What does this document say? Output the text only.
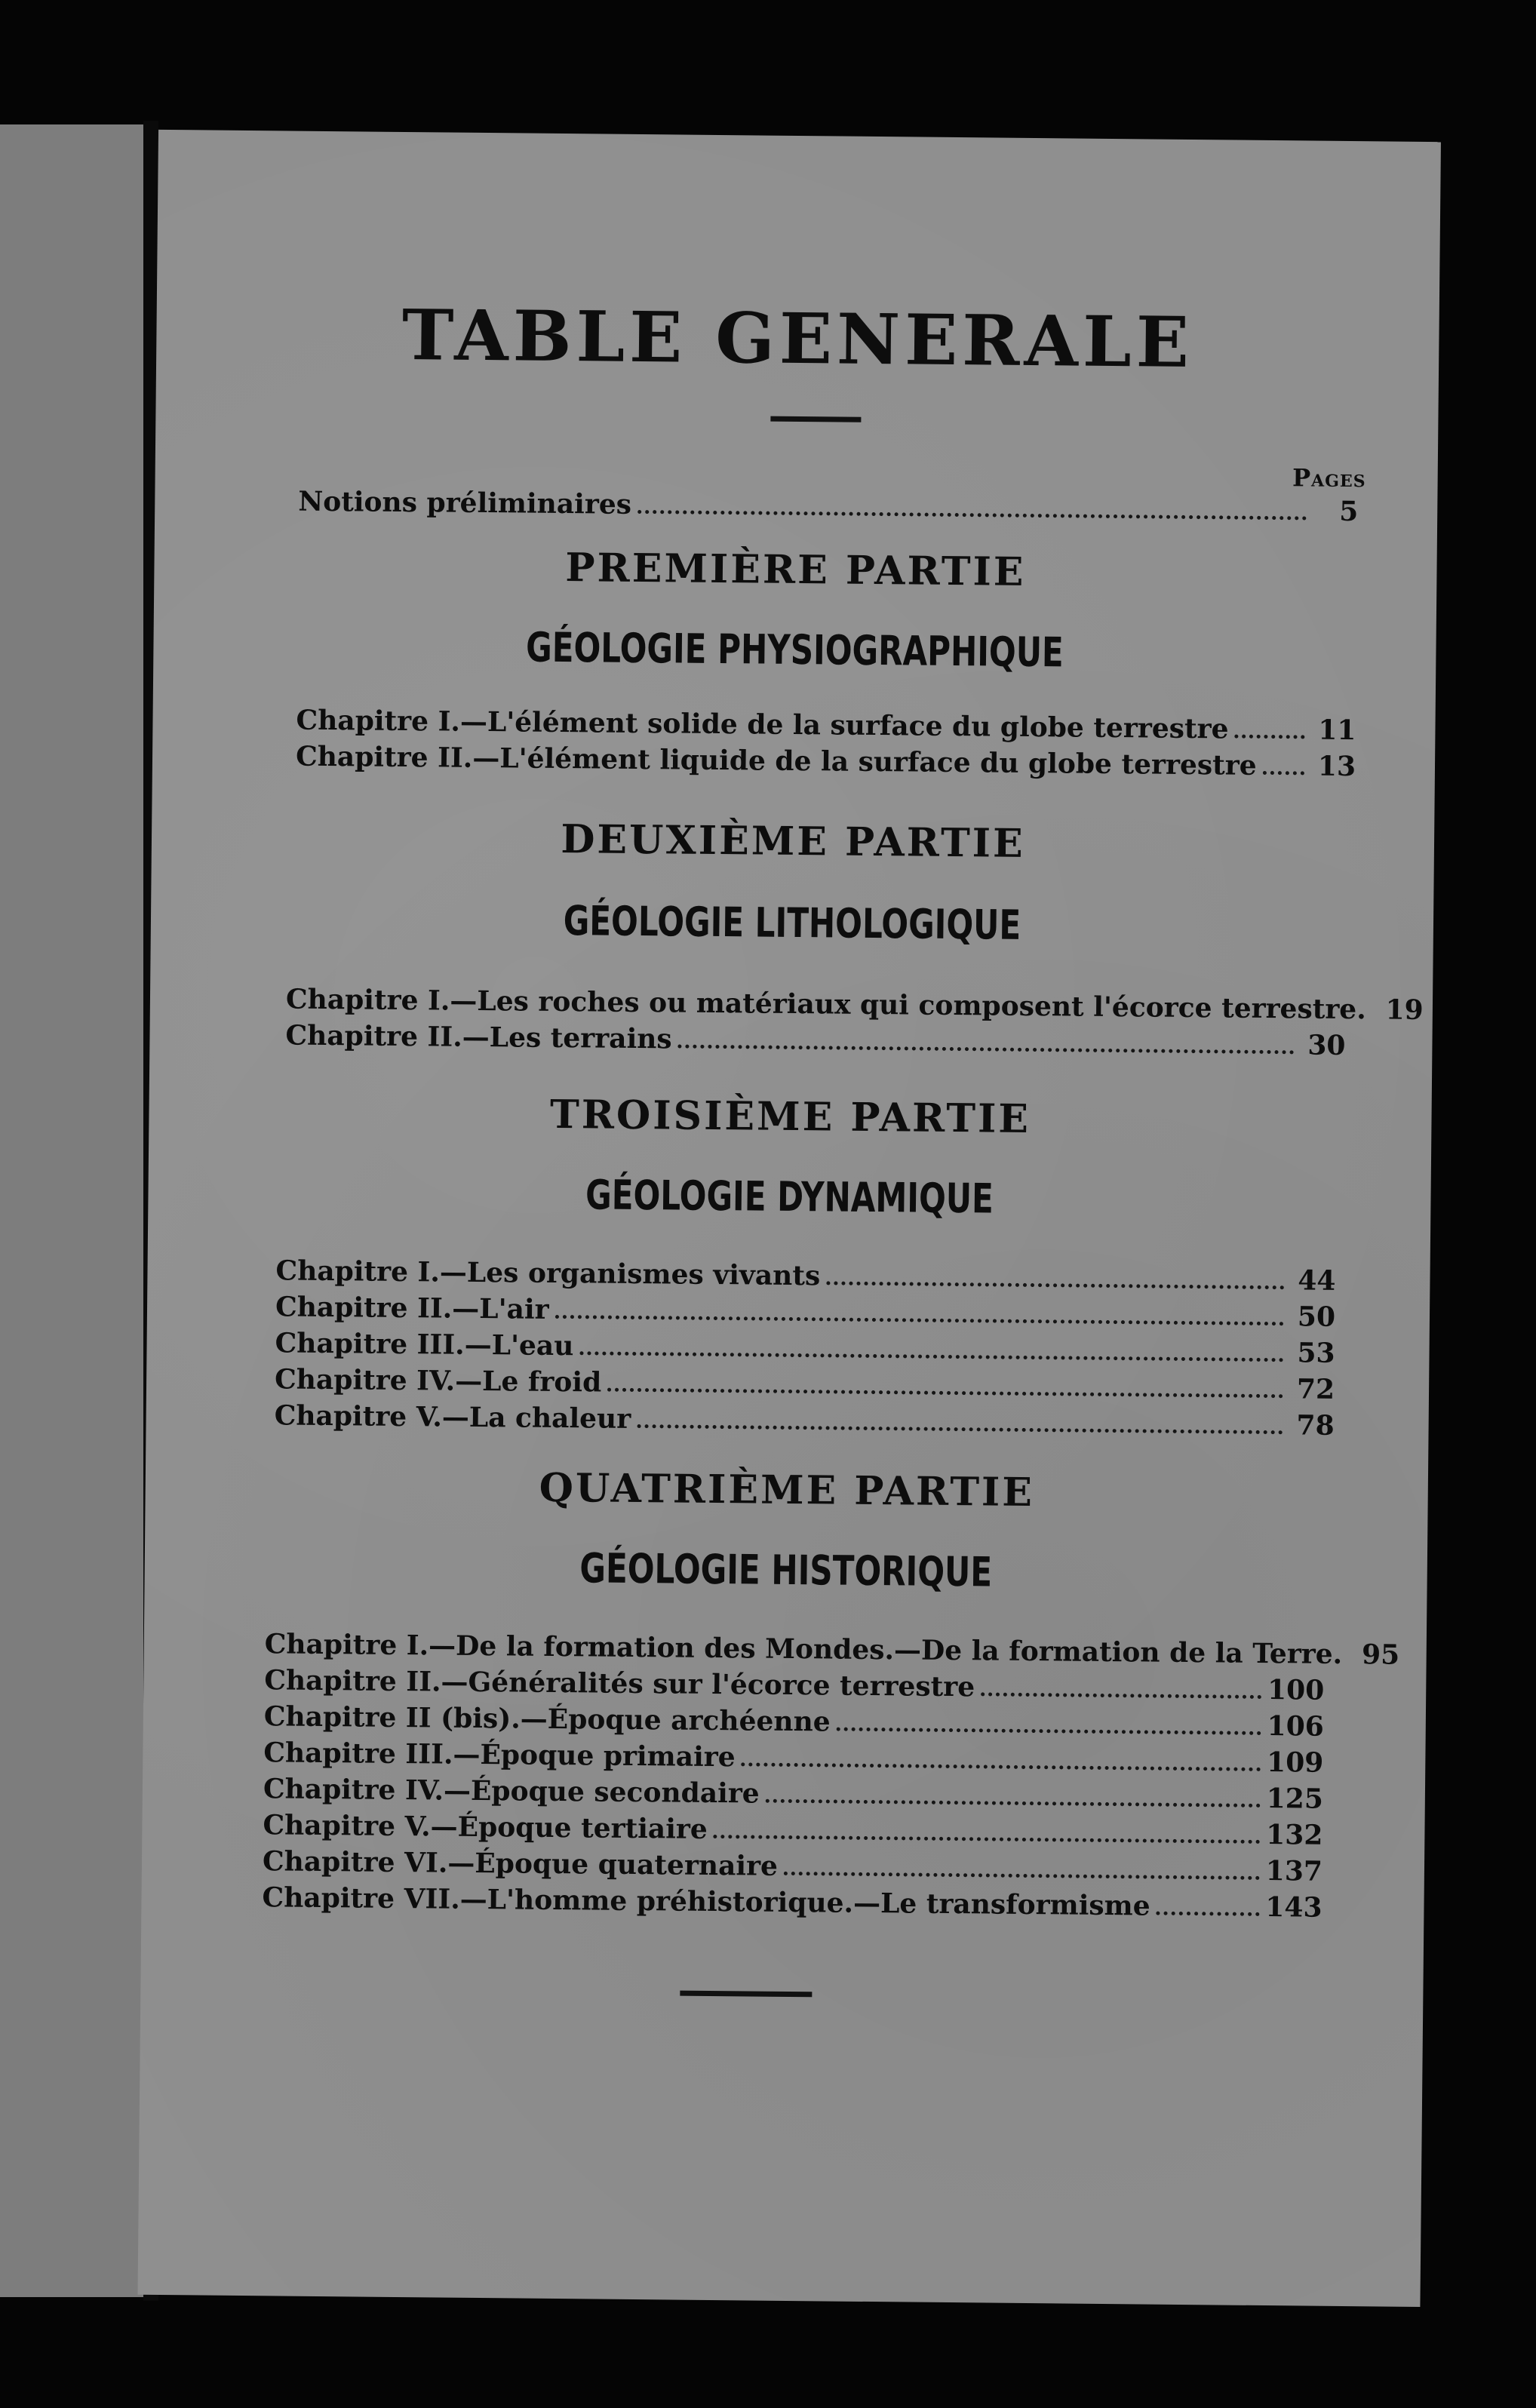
TABLE GENERALE
Pages
Notions préliminaires	5
PREMIÈRE PARTIE
GÉOLOGIE PHYSIOGRAPHIQUE
Chapitre I.—L'élément solide de la surface du globe terrestre	11
Chapitre II.—L'élément liquide de la surface du globe terrestre 13
DEUXIÈME PARTIE
GÉOLOGIE LITHOLOGIQUE
Chapitre I.—Les roches ou matériaux qui composent l'écorce terrestre. 19
Chapitre II.—Les terrains	30
TROISIÈME PARTIE
GÉOLOGIE DYNAMIQUE
Chapitre I.—Les organismes vivants	44
Chapitre II.—L'air	50
Chapitre III.—L'eau	53
Chapitre IV.—Le froid	72
Chapitre V.—La chaleur	78
QUATRIÈME PARTIE
GÉOLOGIE HISTORIQUE
Chapitre I.—De la formation des Mondes.—De la formation de la Terre. 95
Chapitre II.—Généralités sur l'écorce terrestre	100
Chapitre II (bis).—Époque archéenne	106
Chapitre III.—Époque primaire	109
Chapitre IV.—Époque secondaire	125
Chapitre V.—Époque tertiaire	132
Chapitre VI.—Époque quaternaire	137
Chapitre VII.—L'homme préhistorique.—Le transformisme	143
